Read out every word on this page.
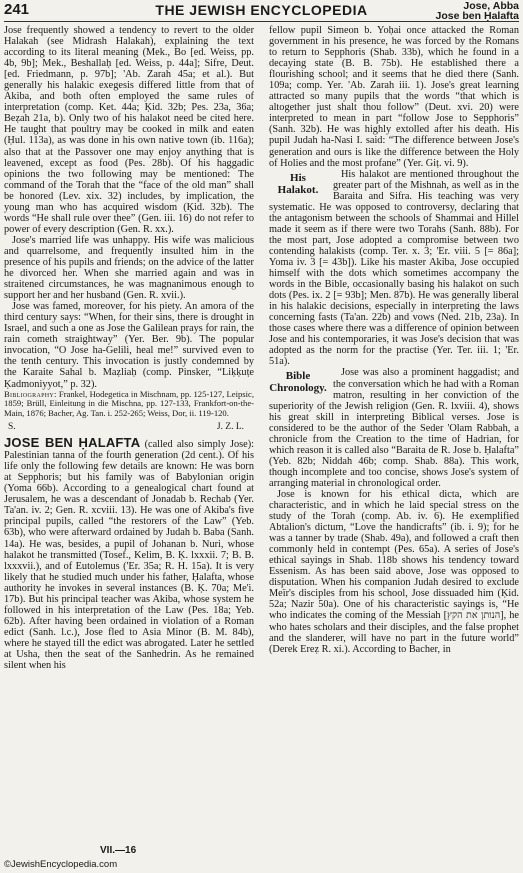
241	THE JEWISH ENCYCLOPEDIA	Jose, Abba
Jose ben Ḥalafta

Jose frequently showed a tendency to revert to the older Halakah (see Midrash Halakah), explaining the text according to its literal meaning (Mek., Bo [ed. Weiss, pp. 4b, 9b]; Mek., Beshallaḥ [ed. Weiss, p. 44a]; Sifre, Deut. [ed. Friedmann, p. 97b]; 'Ab. Zarah 45a; et al.). But generally his halakic exegesis differed little from that of Akiba, and both often employed the same rules of interpretation (comp. Ket. 44a; Ḳid. 32b; Pes. 23a, 36a; Beẓah 21a, b). Only two of his halakot need be cited here. He taught that poultry may be cooked in milk and eaten (Ḥul. 113a), as was done in his own native town (ib. 116a); also that at the Passover one may enjoy anything that is leavened, except as food (Pes. 28b). Of his haggadic opinions the two following may be mentioned: The command of the Torah that the “face of the old man” shall be honored (Lev. xix. 32) includes, by implication, the young man who has acquired wisdom (Ḳid. 32b). The words “He shall rule over thee” (Gen. iii. 16) do not refer to power of every description (Gen. R. xx.).

Jose's married life was unhappy. His wife was malicious and quarrelsome, and frequently insulted him in the presence of his pupils and friends; on the advice of the latter he divorced her. When she married again and was in straitened circumstances, he was magnanimous enough to support her and her husband (Gen. R. xvii.).

Jose was famed, moreover, for his piety. An amora of the third century says: “When, for their sins, there is drought in Israel, and such a one as Jose the Galilean prays for rain, the rain cometh straightway” (Yer. Ber. 9b). The popular invocation, “O Jose ha-Gelili, heal me!” survived even to the tenth century. This invocation is justly condemned by the Karaite Sahal b. Maẓliaḥ (comp. Pinsker, “Liḳḳuṭe Ḳadmoniyyot,” p. 32).

Bibliography: Frankel, Hodegetica in Mischnam, pp. 125-127, Leipsic, 1859; Brüll, Einleitung in die Mischna, pp. 127-133, Frankfort-on-the-Main, 1876; Bacher, Ag. Tan. i. 252-265; Weiss, Dor, ii. 119-120.

S.	J. Z. L.

JOSE BEN ḤALAFTA (called also simply Jose): Palestinian tanna of the fourth generation (2d cent.). Of his life only the following few details are known: He was born at Sepphoris; but his family was of Babylonian origin (Yoma 66b). According to a genealogical chart found at Jerusalem, he was a descendant of Jonadab b. Rechab (Yer. Ta'an. iv. 2; Gen. R. xcviii. 13). He was one of Akiba's five principal pupils, called “the restorers of the Law” (Yeb. 63b), who were afterward ordained by Judah b. Baba (Sanh. 14a). He was, besides, a pupil of Johanan b. Nuri, whose halakot he transmitted (Tosef., Kelim, B. Ḳ. lxxxii. 7; B. B. lxxxvii.), and of Eutolemus ('Er. 35a; R. H. 15a). It is very likely that he studied much under his father, Ḥalafta, whose authority he invokes in several instances (B. Ḳ. 70a; Me'i. 17b). But his principal teacher was Akiba, whose system he followed in his interpretation of the Law (Pes. 18a; Yeb. 62b). After having been ordained in violation of a Roman edict (Sanh. l.c.), Jose fled to Asia Minor (B. M. 84b), where he stayed till the edict was abrogated. Later he settled at Usha, then the seat of the Sanhedrin. As he remained silent when his

fellow pupil Simeon b. Yoḥai once attacked the Roman government in his presence, he was forced by the Romans to return to Sepphoris (Shab. 33b), which he found in a decaying state (B. B. 75b). He established there a flourishing school; and it seems that he died there (Sanh. 109a; comp. Yer. 'Ab. Zarah iii. 1). Jose's great learning attracted so many pupils that the words “that which is altogether just shalt thou follow” (Deut. xvi. 20) were interpreted to mean in part “follow Jose to Sepphoris” (Sanh. 32b). He was highly extolled after his death. His pupil Judah ha-Nasi I. said: “The difference between Jose's generation and ours is like the difference between the Holy of Holies and the most profane” (Yer. Giṭ. vi. 9).

His Halakot.
His halakot are mentioned throughout the greater part of the Mishnah, as well as in the Baraita and Sifra. His teaching was very systematic. He was opposed to controversy, declaring that the antagonism between the schools of Shammai and Hillel made it seem as if there were two Torahs (Sanh. 88b). For the most part, Jose adopted a compromise between two contending halakists (comp. Ter. x. 3; 'Er. viii. 5 [= 86a]; Yoma iv. 3 [= 43b]). Like his master Akiba, Jose occupied himself with the dots which sometimes accompany the words in the Bible, occasionally basing his halakot on such dots (Pes. ix. 2 [= 93b]; Men. 87b). He was generally liberal in his halakic decisions, especially in interpreting the laws concerning fasts (Ta'an. 22b) and vows (Ned. 21b, 23a). In those cases where there was a difference of opinion between Jose and his contemporaries, it was Jose's decision that was adopted as the norm for the practise (Yer. Ter. iii. 1; 'Er. 51a).

Bible Chronology.
Jose was also a prominent haggadist; and the conversation which he had with a Roman matron, resulting in her conviction of the superiority of the Jewish religion (Gen. R. lxviii. 4), shows his great skill in interpreting Biblical verses. Jose is considered to be the author of the Seder 'Olam Rabbah, a chronicle from the Creation to the time of Hadrian, for which reason it is called also “Baraita de R. Jose b. Ḥalafta” (Yeb. 82b; Niddah 46b; comp. Shab. 88a). This work, though incomplete and too concise, shows Jose's system of arranging material in chronological order.

Jose is known for his ethical dicta, which are characteristic, and in which he laid special stress on the study of the Torah (comp. Ab. iv. 6). He exemplified Abtalion's dictum, “Love the handicrafts” (ib. i. 9); for he was a tanner by trade (Shab. 49a), and followed a craft then commonly held in contempt (Pes. 65a). A series of Jose's ethical sayings in Shab. 118b shows his tendency toward Essenism. As has been said above, Jose was opposed to disputation. When his companion Judah desired to exclude Meïr's disciples from his school, Jose dissuaded him (Ḳid. 52a; Nazir 50a). One of his characteristic sayings is, “He who indicates the coming of the Messiah [הנותן את הקץ], he who hates scholars and their disciples, and the false prophet and the slanderer, will have no part in the future world” (Derek Ereẓ R. xi.). According to Bacher, in

VII.—16
©JewishEncyclopedia.com
